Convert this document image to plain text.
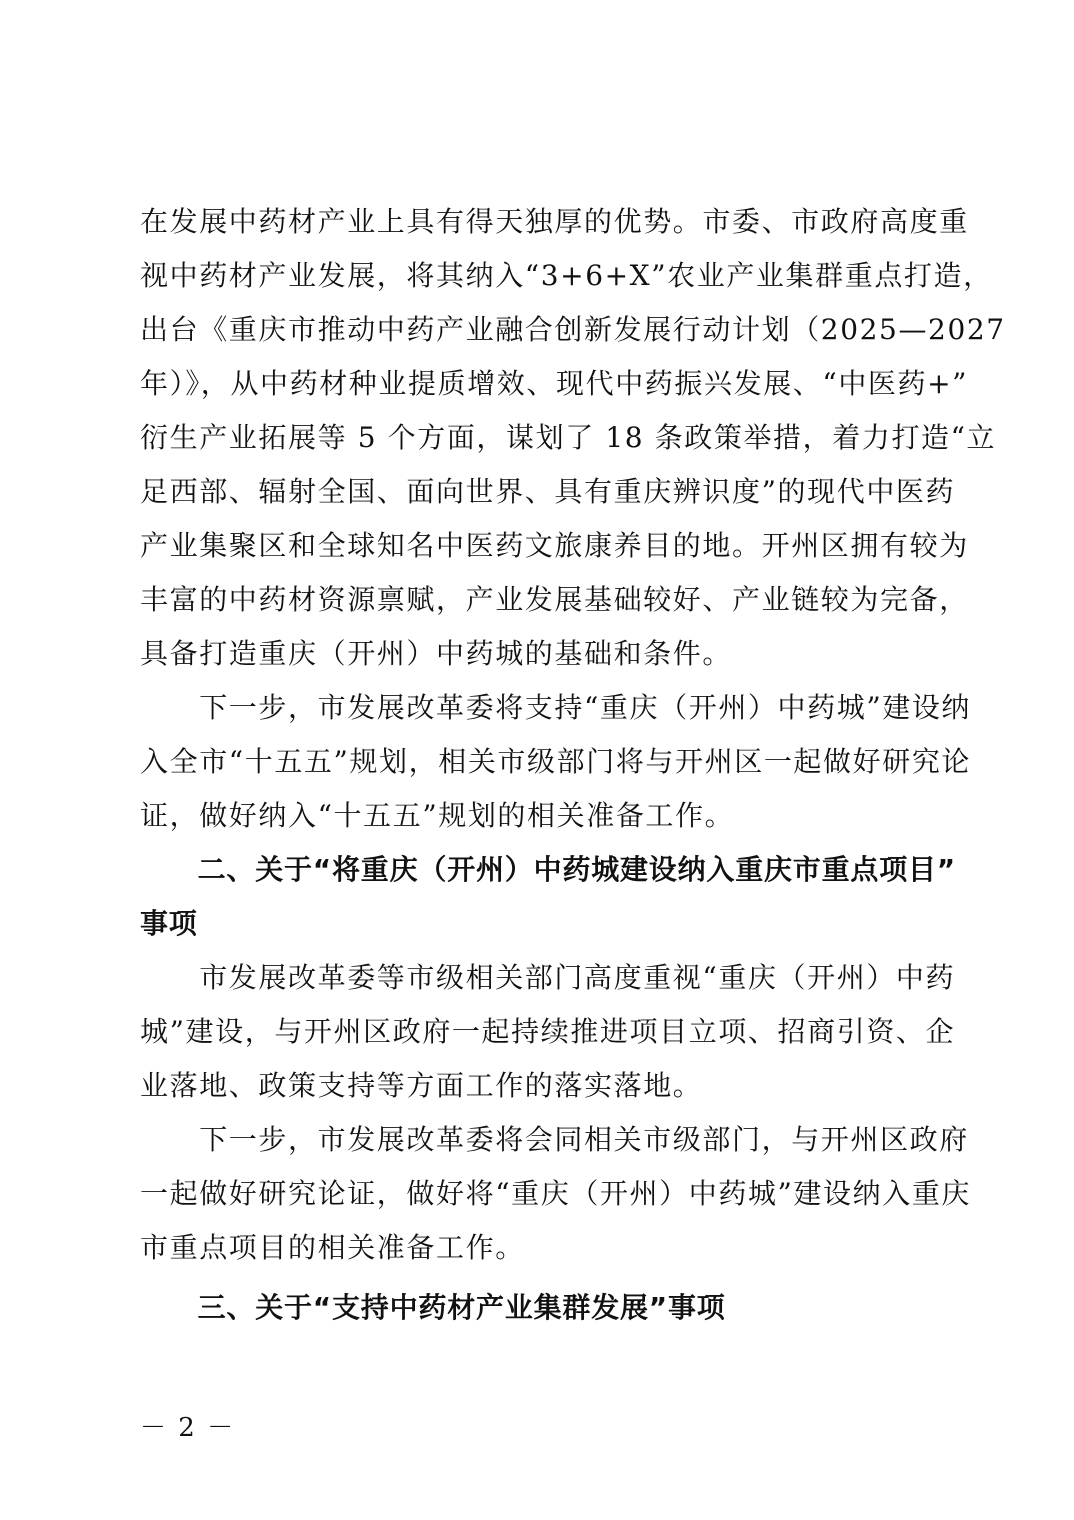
在发展中药材产业上具有得天独厚的优势。市委、市政府高度重
视中药材产业发展，将其纳入“3+6+X”农业产业集群重点打造，
出台《重庆市推动中药产业融合创新发展行动计划（2025—2027
年）》，从中药材种业提质增效、现代中药振兴发展、“中医药+”
衍生产业拓展等 5 个方面，谋划了 18 条政策举措，着力打造“立
足西部、辐射全国、面向世界、具有重庆辨识度”的现代中医药
产业集聚区和全球知名中医药文旅康养目的地。开州区拥有较为
丰富的中药材资源禀赋，产业发展基础较好、产业链较为完备，
具备打造重庆（开州）中药城的基础和条件。
　　下一步，市发展改革委将支持“重庆（开州）中药城”建设纳
入全市“十五五”规划，相关市级部门将与开州区一起做好研究论
证，做好纳入“十五五”规划的相关准备工作。
　　二、关于“将重庆（开州）中药城建设纳入重庆市重点项目”
事项
　　市发展改革委等市级相关部门高度重视“重庆（开州）中药
城”建设，与开州区政府一起持续推进项目立项、招商引资、企
业落地、政策支持等方面工作的落实落地。
　　下一步，市发展改革委将会同相关市级部门，与开州区政府
一起做好研究论证，做好将“重庆（开州）中药城”建设纳入重庆
市重点项目的相关准备工作。
　　三、关于“支持中药材产业集群发展”事项
－ 2 －
